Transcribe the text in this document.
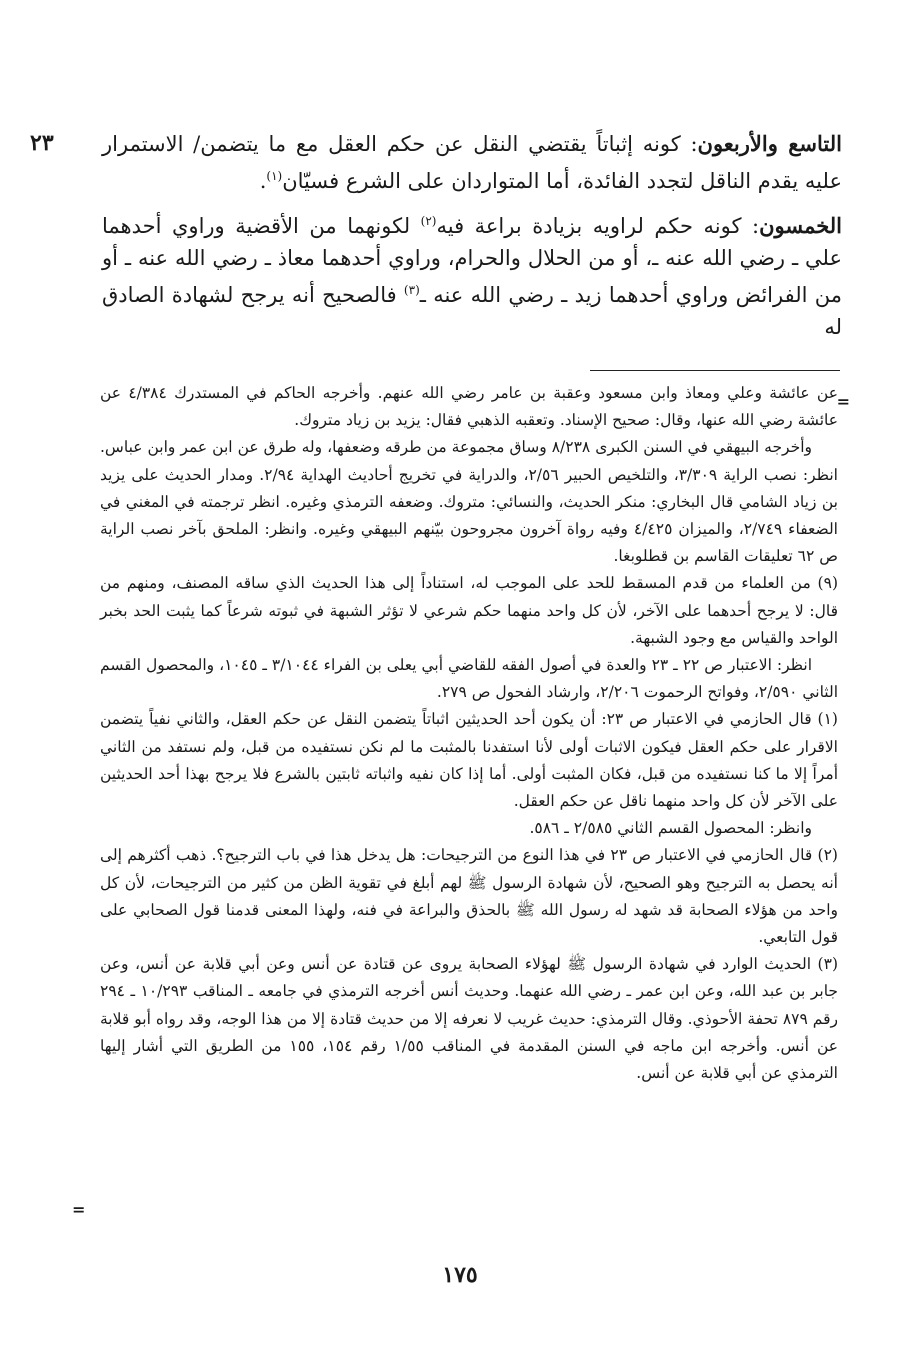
٢٣	التاسع والأربعون: كونه إثباتاً يقتضي النقل عن حكم العقل مع ما يتضمن/ الاستمرار عليه يقدم الناقل لتجدد الفائدة، أما المتواردان على الشرع فسيّان$^{(١)}$.

الخمسون: كونه حكم لراويه بزيادة براعة فيه$^{(٢)}$ لكونهما من الأقضية وراوي أحدهما علي ـ رضي الله عنه ـ، أو من الحلال والحرام، وراوي أحدهما معاذ ـ رضي الله عنه ـ أو من الفرائض وراوي أحدهما زيد ـ رضي الله عنه ـ$^{(٣)}$ فالصحيح أنه يرجح لشهادة الصادق له

=

عن عائشة وعلي ومعاذ وابن مسعود وعقبة بن عامر رضي الله عنهم. وأخرجه الحاكم في المستدرك ٤/٣٨٤ عن عائشة رضي الله عنها، وقال: صحيح الإسناد. وتعقبه الذهبي فقال: يزيد بن زياد متروك.

وأخرجه البيهقي في السنن الكبرى ٨/٢٣٨ وساق مجموعة من طرقه وضعفها، وله طرق عن ابن عمر وابن عباس. انظر: نصب الراية ٣/٣٠٩، والتلخيص الحبير ٢/٥٦، والدراية في تخريج أحاديث الهداية ٢/٩٤. ومدار الحديث على يزيد بن زياد الشامي قال البخاري: منكر الحديث، والنسائي: متروك. وضعفه الترمذي وغيره. انظر ترجمته في المغني في الضعفاء ٢/٧٤٩، والميزان ٤/٤٢٥ وفيه رواة آخرون مجروحون بيّنهم البيهقي وغيره. وانظر: الملحق بآخر نصب الراية ص ٦٢ تعليقات القاسم بن قطلوبغا.

(٩) من العلماء من قدم المسقط للحد على الموجب له، استناداً إلى هذا الحديث الذي ساقه المصنف، ومنهم من قال: لا يرجح أحدهما على الآخر، لأن كل واحد منهما حكم شرعي لا تؤثر الشبهة في ثبوته شرعاً كما يثبت الحد بخبر الواحد والقياس مع وجود الشبهة.

انظر: الاعتبار ص ٢٢ ـ ٢٣ والعدة في أصول الفقه للقاضي أبي يعلى بن الفراء ٣/١٠٤٤ ـ ١٠٤٥، والمحصول القسم الثاني ٢/٥٩٠، وفواتح الرحموت ٢/٢٠٦، وارشاد الفحول ص ٢٧٩.

(١) قال الحازمي في الاعتبار ص ٢٣: أن يكون أحد الحديثين اثباتاً يتضمن النقل عن حكم العقل، والثاني نفياً يتضمن الاقرار على حكم العقل فيكون الاثبات أولى لأنا استفدنا بالمثبت ما لم نكن نستفيده من قبل، ولم نستفد من الثاني أمراً إلا ما كنا نستفيده من قبل، فكان المثبت أولى. أما إذا كان نفيه واثباته ثابتين بالشرع فلا يرجح بهذا أحد الحديثين على الآخر لأن كل واحد منهما ناقل عن حكم العقل.

وانظر: المحصول القسم الثاني ٢/٥٨٥ ـ ٥٨٦.

(٢) قال الحازمي في الاعتبار ص ٢٣ في هذا النوع من الترجيحات: هل يدخل هذا في باب الترجيح؟. ذهب أكثرهم إلى أنه يحصل به الترجيح وهو الصحيح، لأن شهادة الرسول ﷺ لهم أبلغ في تقوية الظن من كثير من الترجيحات، لأن كل واحد من هؤلاء الصحابة قد شهد له رسول الله ﷺ بالحذق والبراعة في فنه، ولهذا المعنى قدمنا قول الصحابي على قول التابعي.

(٣) الحديث الوارد في شهادة الرسول ﷺ لهؤلاء الصحابة يروى عن قتادة عن أنس وعن أبي قلابة عن أنس، وعن جابر بن عبد الله، وعن ابن عمر ـ رضي الله عنهما. وحديث أنس أخرجه الترمذي في جامعه ـ المناقب ١٠/٢٩٣ ـ ٢٩٤ رقم ٨٧٩ تحفة الأحوذي. وقال الترمذي: حديث غريب لا نعرفه إلا من حديث قتادة إلا من هذا الوجه، وقد رواه أبو قلابة عن أنس. وأخرجه ابن ماجه في السنن المقدمة في المناقب ١/٥٥ رقم ١٥٤، ١٥٥ من الطريق التي أشار إليها الترمذي عن أبي قلابة عن أنس.

=
١٧٥
